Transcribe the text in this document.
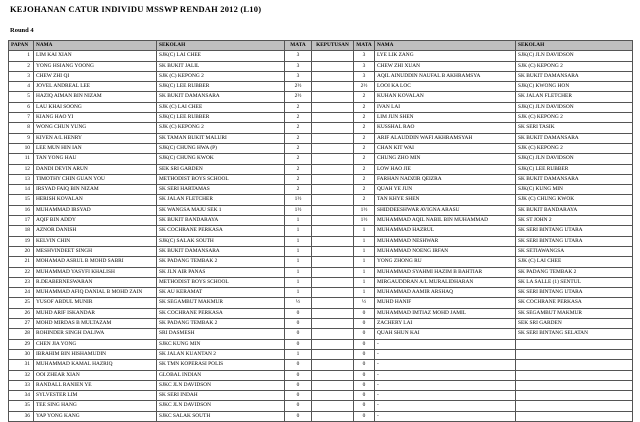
KEJOHANAN CATUR INDIVIDU MSSWP RENDAH 2012 (L10)
Round 4
PAPAN	NAMA	SEKOLAH	MATA	KEPUTUSAN	MATA	NAMA	SEKOLAH
1	LIM KAI XIAN	SJK(C) LAI CHEE	3		3	LYE LIK ZANG	SJK(C) JLN DAVIDSON
2	YONG HSIANG YOONG	SK BUKIT JALIL	3		3	CHEW ZHI XUAN	SJK (C) KEPONG 2
3	CHEW ZHI QI	SJK (C) KEPONG 2	3		3	AQIL AINUDDIN NAUFAL B AKHRAMSYA	SK BUKIT DAMANSARA
4	JOVEL ANDREAL LEE	SJK(C) LEE RUBBER	2½		2½	LOOI KA LOC	SJK(C) KWONG HON
5	HAZIQ AIMAN BIN NIZAM	SK BUKIT DAMANSARA	2½		2	KUHAN KOVALAN	SK JALAN FLETCHER
6	LAU KHAI SOONG	SJK (C) LAI CHEE	2		2	IVAN LAI	SJK(C) JLN DAVIDSON
7	KIANG HAO YI	SJK(C) LEE RUBBER	2		2	LIM JUN SHEN	SJK (C) KEPONG 2
8	WONG CHUN YUNG	SJK (C) KEPONG 2	2		2	KUSSHAL RAO	SK SERI TASIK
9	KIVEN A/L HENRY	SK TAMAN BUKIT MALURI	2		2	ARIF ALAUDDIN WAFI AKHRAMSYAH	SK BUKIT DAMANSARA
10	LEE MUN HIN IAN	SJK(C) CHUNG HWA (P)	2		2	CHAN KIT WAI	SJK (C) KEPONG 2
11	TAN YONG HAU	SJK(C) CHUNG KWOK	2		2	CHUNG ZHO MIN	SJK(C) JLN DAVIDSON
12	DANDI DEVIN ARUN	SEK SRI GARDEN	2		2	LOW HAO JIE	SJK(C) LEE RUBBER
13	TIMOTHY CHIN GUAN YOU	METHODIST BOYS SCHOOL	2		2	FARHAN NADZIR QEIZRA	SK BUKIT DAMANSARA
14	IRSYAD FAIQ BIN NIZAM	SK SERI HARTAMAS	2		2	QUAH YE JUN	SJK(C) KUNG MIN
15	HERISH KOVALAN	SK JALAN FLETCHER	1½		2	TAN KHYE SHEN	SJK (C) CHUNG KWOK
16	MUHAMMAD IRSYAD	SK WANGSA MAJU SEK 1	1½		1½	SHIDDEESHWAR AVIGNA ARASU	SK BUKIT BANDARAYA
17	AQIF BIN ADDY	SK BUKIT BANDARAYA	1		1½	MUHAMMAD AQIL NABIL BIN MUHAMMAD	SK ST JOHN 2
18	AZNOR DANISH	SK COCHRANE PERKASA	1		1	MUHAMMAD HAZRUL	SK SERI BINTANG UTARA
19	KELVIN CHIN	SJK(C) SALAK SOUTH	1		1	MUHAMMAD NESHWAR	SK SERI BINTANG UTARA
20	MESHVINDEET SINGH	SK BUKIT DAMANSARA	1		1	MUHAMMAD NOENG IRFAN	SK SETIAWANGSA
21	MOHAMAD ASRUL B MOHD SABRI	SK PADANG TEMBAK 2	1		1	YONG ZHONG RU	SJK (C) LAI CHEE
22	MUHAMMAD YASYFI KHALISH	SK JLN AIR PANAS	1		1	MUHAMMAD SYAHMI HAZIM B BAHTIAR	SK PADANG TEMBAK 2
23	R.DEABERNESWARAN	METHODIST BOYS SCHOOL	1		1	MIRGAUDDRAN A/L MURALIDHARAN	SK LA SALLE (1) SENTUL
24	MUHAMMAD AFIQ DANIAL B MOHD ZAIN	SK AU KERAMAT	1		1	MUHAMMAD AAMIR ARSHAQ	SK SERI BINTANG UTARA
25	YUSOF ABDUL MUNIR	SK SEGAMBUT MAKMUR	½		½	MUHD HANIF	SK COCHRANE PERKASA
26	MUHD ARIF ISKANDAR	SK COCHRANE PERKASA	0		0	MUHAMMAD IMTIAZ MOHD JAMIL	SK SEGAMBUT MAKMUR
27	MOHD MIRDAS B MULTAZAM	SK PADANG TEMBAK 2	0		0	ZACHERY LAI	SEK SRI GARDEN
28	ROHINDER SINGH DALIWA	SRI DASMESH	0		0	QUAH SHUN KAI	SK SERI BINTANG SELATAN
29	CHEN JIA YONG	SJKC KUNG MIN	0		0	-	
30	IBRAHIM BIN HISHAMUDIN	SK JALAN KUANTAN 2	1		0	-	
31	MUHAMMAD KAMAL HAZRIQ	SK TMN KOPERASI POLIS	0		0	-	
32	OOI ZHEAR XIAN	GLOBAL INDIAN	0		0	-	
33	RANDALL RANIEN YE	SJKC JLN DAVIDSON	0		0	-	
34	SYLVESTER LIM	SK SERI INDAH	0		0	-	
35	TEE SING HANG	SJKC JLN DAVIDSON	0		0	-	
36	YAP YONG KANG	SJKC SALAK SOUTH	0		0	-	
